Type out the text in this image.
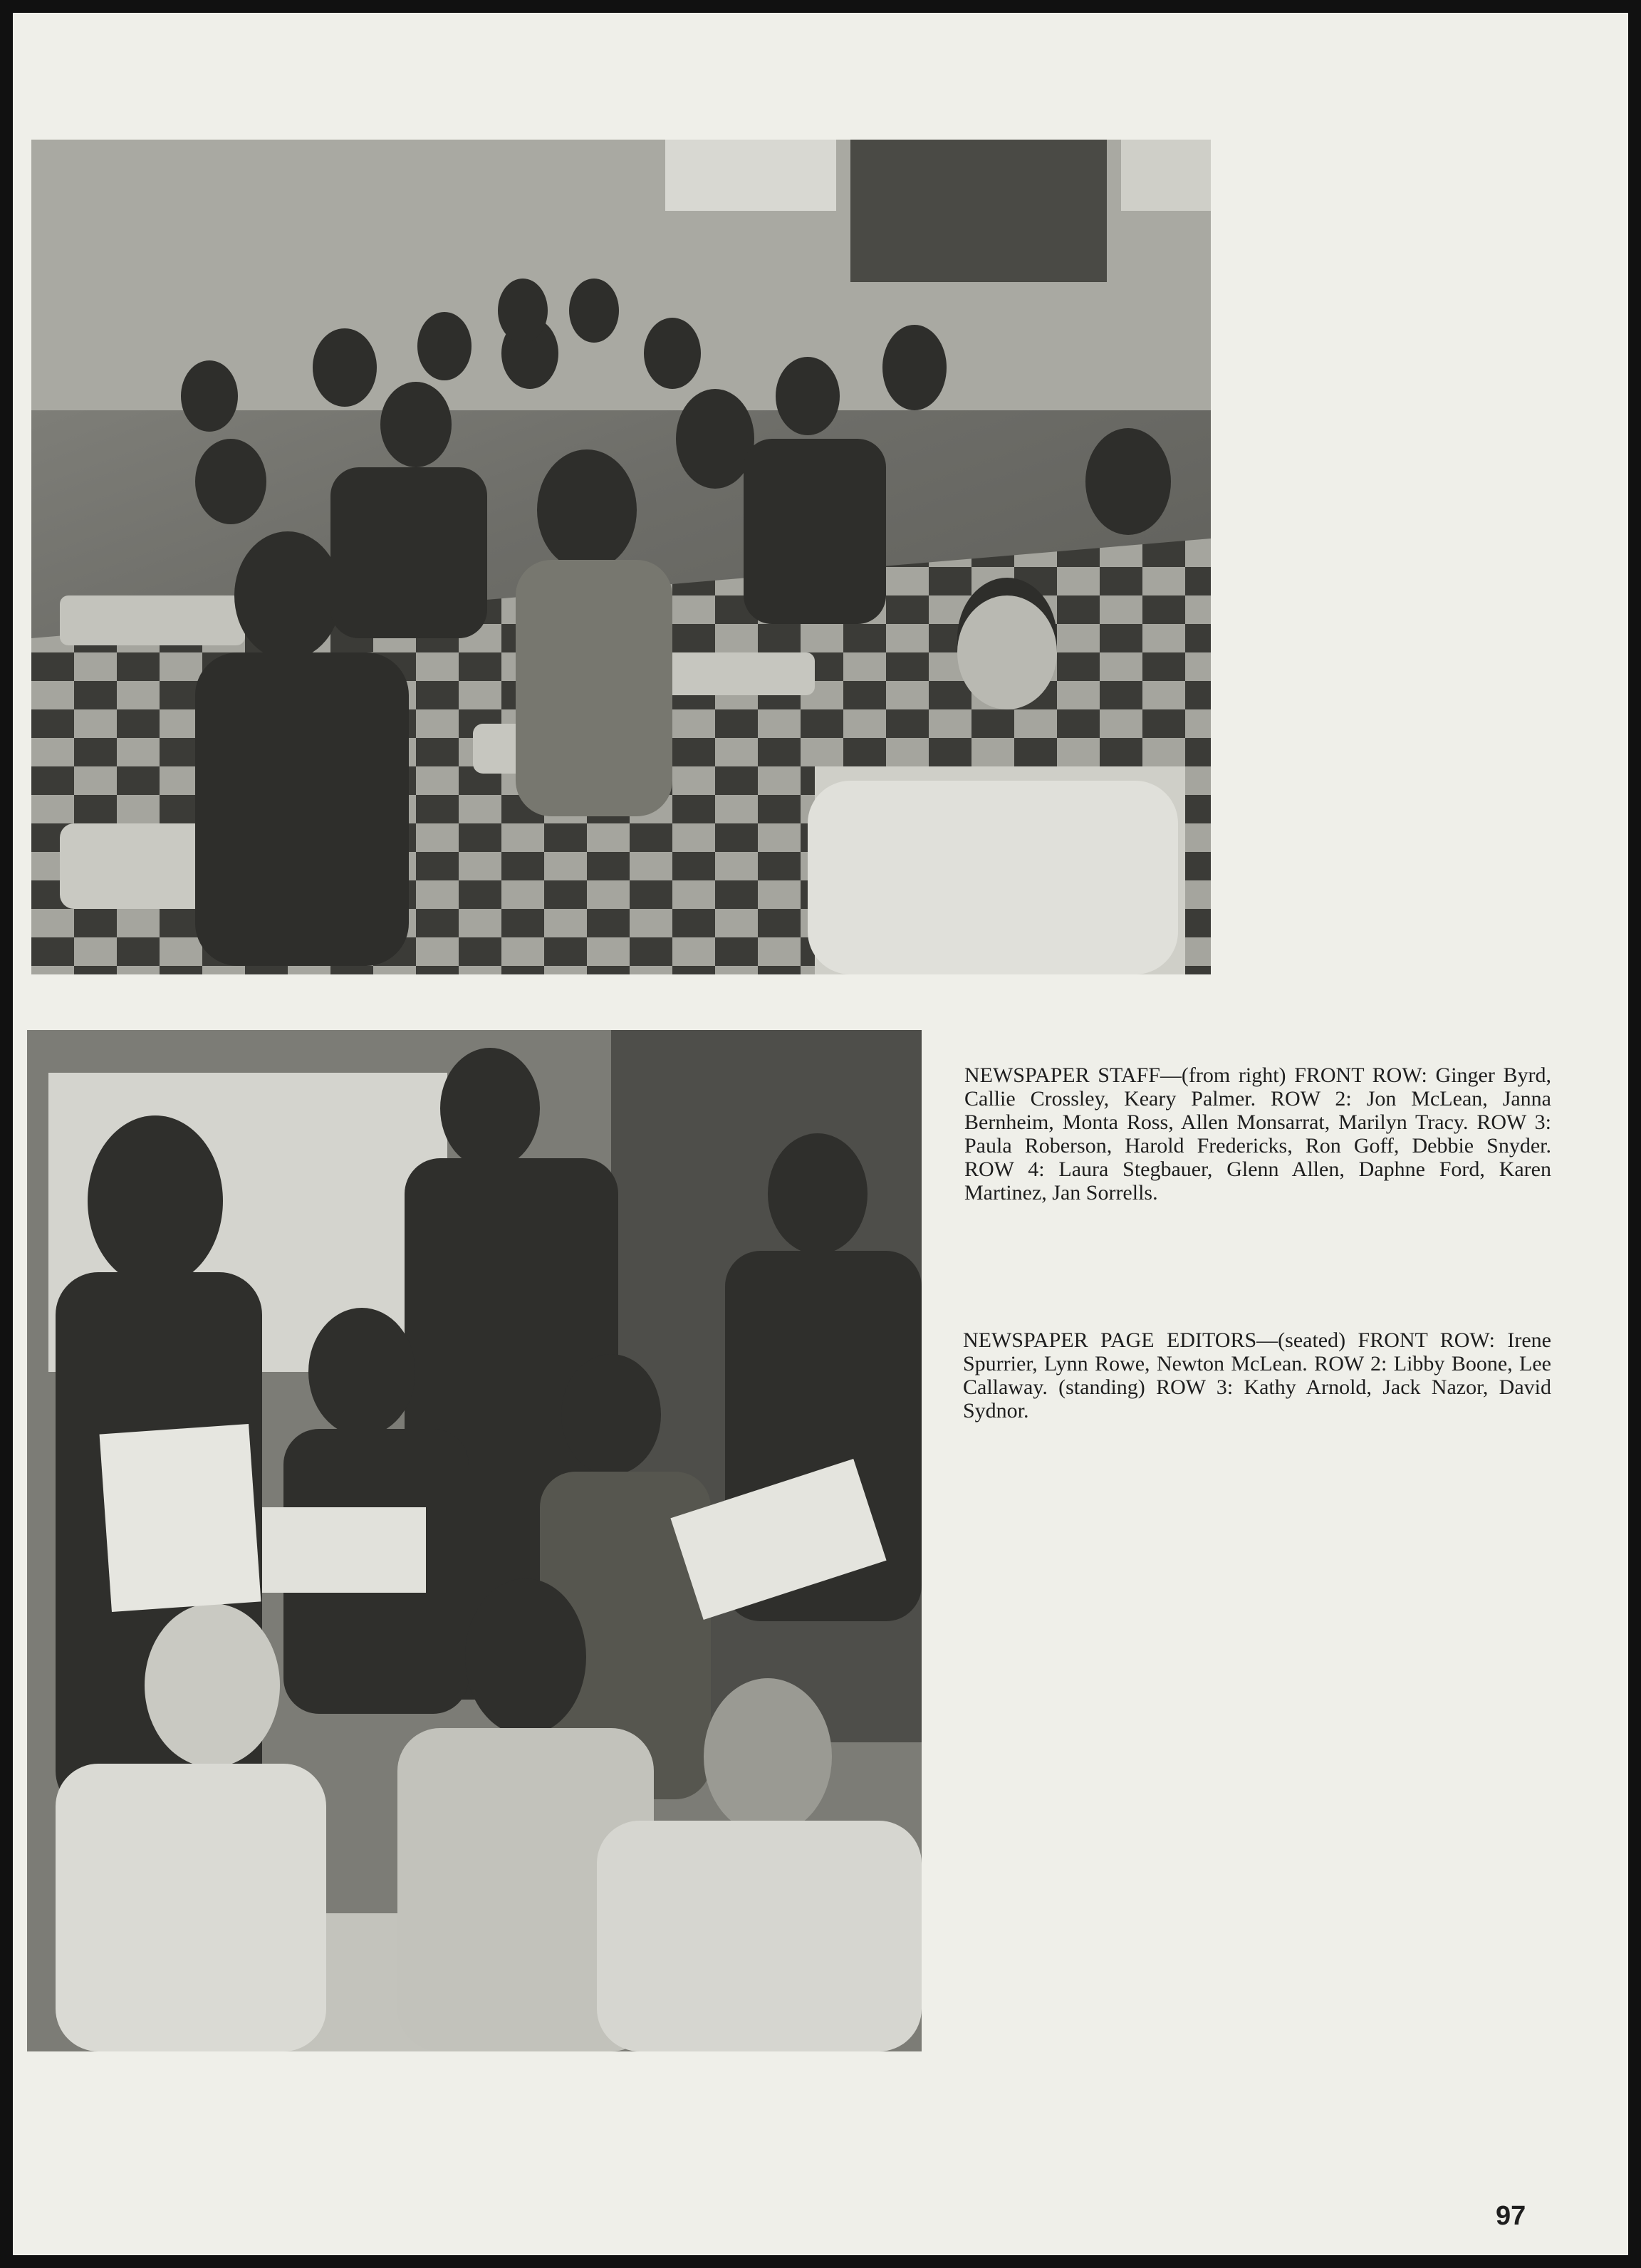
NEWSPAPER STAFF—(from right) FRONT ROW: Ginger Byrd, Callie Crossley, Keary Palmer. ROW 2: Jon McLean, Janna Bernheim, Monta Ross, Allen Monsarrat, Marilyn Tracy. ROW 3: Paula Roberson, Harold Fredericks, Ron Goff, Debbie Snyder. ROW 4: Laura Stegbauer, Glenn Allen, Daphne Ford, Karen Martinez, Jan Sorrells.
NEWSPAPER PAGE EDITORS—(seated) FRONT ROW: Irene Spurrier, Lynn Rowe, Newton McLean. ROW 2: Libby Boone, Lee Callaway. (standing) ROW 3: Kathy Arnold, Jack Nazor, David Sydnor.
97
